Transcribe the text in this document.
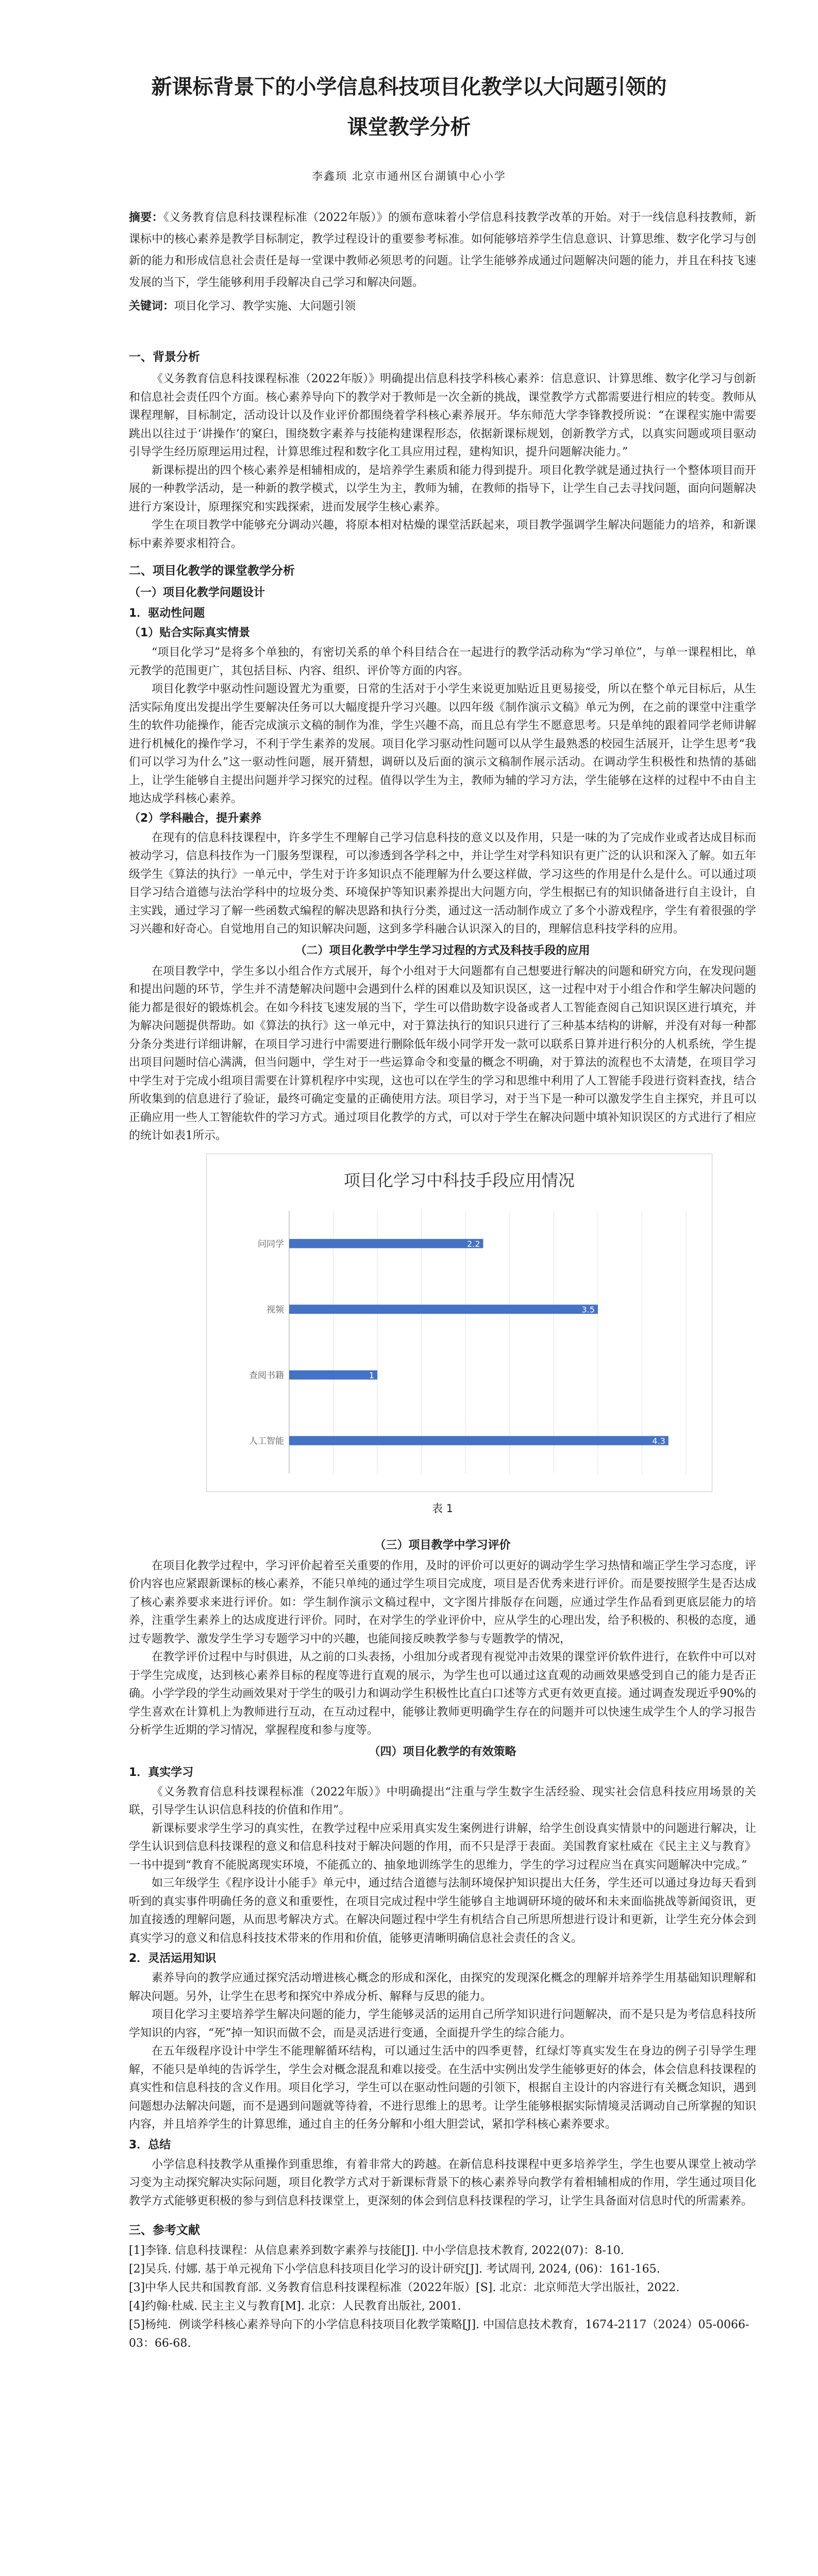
新课标背景下的小学信息科技项目化教学以大问题引领的
课堂教学分析
李鑫顼 北京市通州区台湖镇中心小学

摘要：《义务教育信息科技课程标准（2022年版）》的颁布意味着小学信息科技教学改革的开始。对于一线信息科技教师，新课标中的核心素养是教学目标制定，教学过程设计的重要参考标准。如何能够培养学生信息意识、计算思维、数字化学习与创新的能力和形成信息社会责任是每一堂课中教师必须思考的问题。让学生能够养成通过问题解决问题的能力，并且在科技飞速发展的当下，学生能够利用手段解决自己学习和解决问题。

关键词：项目化学习、教学实施、大问题引领

一、背景分析

《义务教育信息科技课程标准（2022年版）》明确提出信息科技学科核心素养：信息意识、计算思维、数字化学习与创新和信息社会责任四个方面。核心素养导向下的教学对于教师是一次全新的挑战，课堂教学方式都需要进行相应的转变。教师从课程理解，目标制定，活动设计以及作业评价都围绕着学科核心素养展开。华东师范大学李锋教授所说：“在课程实施中需要跳出以往过于‘讲操作’的窠臼，围绕数字素养与技能构建课程形态，依据新课标规划，创新教学方式，以真实问题或项目驱动引导学生经历原理运用过程，计算思维过程和数字化工具应用过程，建构知识，提升问题解决能力。”

新课标提出的四个核心素养是相辅相成的，是培养学生素质和能力得到提升。项目化教学就是通过执行一个整体项目而开展的一种教学活动，是一种新的教学模式，以学生为主，教师为辅，在教师的指导下，让学生自己去寻找问题，面向问题解决进行方案设计，原理探究和实践探索，进而发展学生核心素养。

学生在项目教学中能够充分调动兴趣，将原本相对枯燥的课堂活跃起来，项目教学强调学生解决问题能力的培养，和新课标中素养要求相符合。

二、项目化教学的课堂教学分析
（一）项目化教学问题设计
1．驱动性问题
（1）贴合实际真实情景

“项目化学习”是将多个单独的，有密切关系的单个科目结合在一起进行的教学活动称为“学习单位”，与单一课程相比，单元教学的范围更广，其包括目标、内容、组织、评价等方面的内容。

项目化教学中驱动性问题设置尤为重要，日常的生活对于小学生来说更加贴近且更易接受，所以在整个单元目标后，从生活实际角度出发提出学生要解决任务可以大幅度提升学习兴趣。以四年级《制作演示文稿》单元为例，在之前的课堂中注重学生的软件功能操作，能否完成演示文稿的制作为准，学生兴趣不高，而且总有学生不愿意思考。只是单纯的跟着同学老师讲解进行机械化的操作学习，不利于学生素养的发展。项目化学习驱动性问题可以从学生最熟悉的校园生活展开，让学生思考“我们可以学习为什么”这一驱动性问题，展开猜想，调研以及后面的演示文稿制作展示活动。在调动学生积极性和热情的基础上，让学生能够自主提出问题并学习探究的过程。值得以学生为主，教师为辅的学习方法，学生能够在这样的过程中不由自主地达成学科核心素养。

（2）学科融合，提升素养

在现有的信息科技课程中，许多学生不理解自己学习信息科技的意义以及作用，只是一味的为了完成作业或者达成目标而被动学习，信息科技作为一门服务型课程，可以渗透到各学科之中，并让学生对学科知识有更广泛的认识和深入了解。如五年级学生《算法的执行》一单元中，学生对于许多知识点不能理解为什么要这样做，学习这些的作用是什么是什么。可以通过项目学习结合道德与法治学科中的垃圾分类、环境保护等知识素养提出大问题方向，学生根据已有的知识储备进行自主设计，自主实践，通过学习了解一些函数式编程的解决思路和执行分类，通过这一活动制作成立了多个小游戏程序，学生有着很强的学习兴趣和好奇心。自觉地用自己的知识解决问题，这到多学科融合认识深入的目的，理解信息科技学科的应用。

（二）项目化教学中学生学习过程的方式及科技手段的应用

在项目教学中，学生多以小组合作方式展开，每个小组对于大问题都有自己想要进行解决的问题和研究方向，在发现问题和提出问题的环节，学生并不清楚解决问题中会遇到什么样的困难以及知识误区，这一过程中对于小组合作和学生解决问题的能力都是很好的锻炼机会。在如今科技飞速发展的当下，学生可以借助数字设备或者人工智能查阅自己知识误区进行填充，并为解决问题提供帮助。如《算法的执行》这一单元中，对于算法执行的知识只进行了三种基本结构的讲解，并没有对每一种都分条分类进行详细讲解，在项目学习进行中需要进行删除低年级小同学开发一款可以联系日算并进行积分的人机系统，学生提出项目问题时信心满满，但当问题中，学生对于一些运算命令和变量的概念不明确，对于算法的流程也不太清楚，在项目学习中学生对于完成小组项目需要在计算机程序中实现，这也可以在学生的学习和思维中利用了人工智能手段进行资料查找，结合所收集到的信息进行了验证，最终可确定变量的正确使用方法。项目学习，对于当下是一种可以激发学生自主探究，并且可以正确应用一些人工智能软件的学习方式。通过项目化教学的方式，可以对于学生在解决问题中填补知识误区的方式进行了相应的统计如表1所示。

项目化学习中科技手段应用情况
问同学	2.2
视频	3.5
查阅书籍	1
人工智能	4.3
表 1
（三）项目教学中学习评价

在项目化教学过程中，学习评价起着至关重要的作用，及时的评价可以更好的调动学生学习热情和端正学生学习态度，评价内容也应紧跟新课标的核心素养，不能只单纯的通过学生项目完成度，项目是否优秀来进行评价。而是要按照学生是否达成了核心素养要求来进行评价。如：学生制作演示文稿过程中，文字图片排版存在问题，应通过学生作品看到更底层能力的培养，注重学生素养上的达成度进行评价。同时，在对学生的学业评价中，应从学生的心理出发，给予积极的、积极的态度，通过专题教学、激发学生学习专题学习中的兴趣，也能间接反映教学参与专题教学的情况，

在教学评价过程中与时俱进，从之前的口头表扬，小组加分或者现有视觉冲击效果的课堂评价软件进行，在软件中可以对于学生完成度，达到核心素养目标的程度等进行直观的展示，为学生也可以通过这直观的动画效果感受到自己的能力是否正确。小学学段的学生动画效果对于学生的吸引力和调动学生积极性比直白口述等方式更有效更直接。通过调查发现近乎90%的学生喜欢在计算机上为教师进行互动，在互动过程中，能够让教师更明确学生存在的问题并可以快速生成学生个人的学习报告分析学生近期的学习情况，掌握程度和参与度等。

（四）项目化教学的有效策略
1．真实学习

《义务教育信息科技课程标准（2022年版）》中明确提出“注重与学生数字生活经验、现实社会信息科技应用场景的关联，引导学生认识信息科技的价值和作用”。

新课标要求学生学习的真实性，在教学过程中应采用真实发生案例进行讲解，给学生创设真实情景中的问题进行解决，让学生认识到信息科技课程的意义和信息科技对于解决问题的作用，而不只是浮于表面。美国教育家杜威在《民主主义与教育》一书中提到“教育不能脱离现实环境，不能孤立的、抽象地训练学生的思维力，学生的学习过程应当在真实问题解决中完成。”

如三年级学生《程序设计小能手》单元中，通过结合道德与法制环境保护知识提出大任务，学生还可以通过身边每天看到听到的真实事件明确任务的意义和重要性，在项目完成过程中学生能够自主地调研环境的破坏和未来面临挑战等新闻资讯，更加直接透的理解问题，从而思考解决方式。在解决问题过程中学生有机结合自己所思所想进行设计和更新，让学生充分体会到真实学习的意义和信息科技技术带来的作用和价值，能够更清晰明确信息社会责任的含义。

2．灵活运用知识

素养导向的教学应通过探究活动增进核心概念的形成和深化，由探究的发现深化概念的理解并培养学生用基础知识理解和解决问题。另外，让学生在思考和探究中养成分析、解释与反思的能力。

项目化学习主要培养学生解决问题的能力，学生能够灵活的运用自己所学知识进行问题解决，而不是只是为考信息科技所学知识的内容，“死”掉一知识而做不会，而是灵活进行变通，全面提升学生的综合能力。

在五年级程序设计中学生不能理解循环结构，可以通过生活中的四季更替，红绿灯等真实发生在身边的例子引导学生理解，不能只是单纯的告诉学生，学生会对概念混乱和难以接受。在生活中实例出发学生能够更好的体会，体会信息科技课程的真实性和信息科技的含义作用。项目化学习，学生可以在驱动性问题的引领下，根据自主设计的内容进行有关概念知识，遇到问题想办法解决问题，而不是遇到问题就等待着，不进行思维上的思考。让学生能够根据实际情境灵活调动自己所掌握的知识内容，并且培养学生的计算思维，通过自主的任务分解和小组大胆尝试，紧扣学科核心素养要求。

3．总结

小学信息科技教学从重操作到重思维，有着非常大的跨越。在新信息科技课程中更多培养学生，学生也要从课堂上被动学习变为主动探究解决实际问题，项目化教学方式对于新课标背景下的核心素养导向教学有着相辅相成的作用，学生通过项目化教学方式能够更积极的参与到信息科技课堂上，更深刻的体会到信息科技课程的学习，让学生具备面对信息时代的所需素养。

三、参考文献

[1]李锋. 信息科技课程：从信息素养到数字素养与技能[J]. 中小学信息技术教育, 2022(07)：8-10.

[2]吴兵. 付娜. 基于单元视角下小学信息科技项目化学习的设计研究[J]. 考试周刊, 2024, (06)：161-165.

[3]中华人民共和国教育部. 义务教育信息科技课程标准（2022年版）[S]. 北京：北京师范大学出版社，2022.

[4]约翰·杜威. 民主主义与教育[M]. 北京：人民教育出版社, 2001.

[5]杨纯．例谈学科核心素养导向下的小学信息科技项目化教学策略[J]. 中国信息技术教育，1674-2117（2024）05-0066-03：66-68.
